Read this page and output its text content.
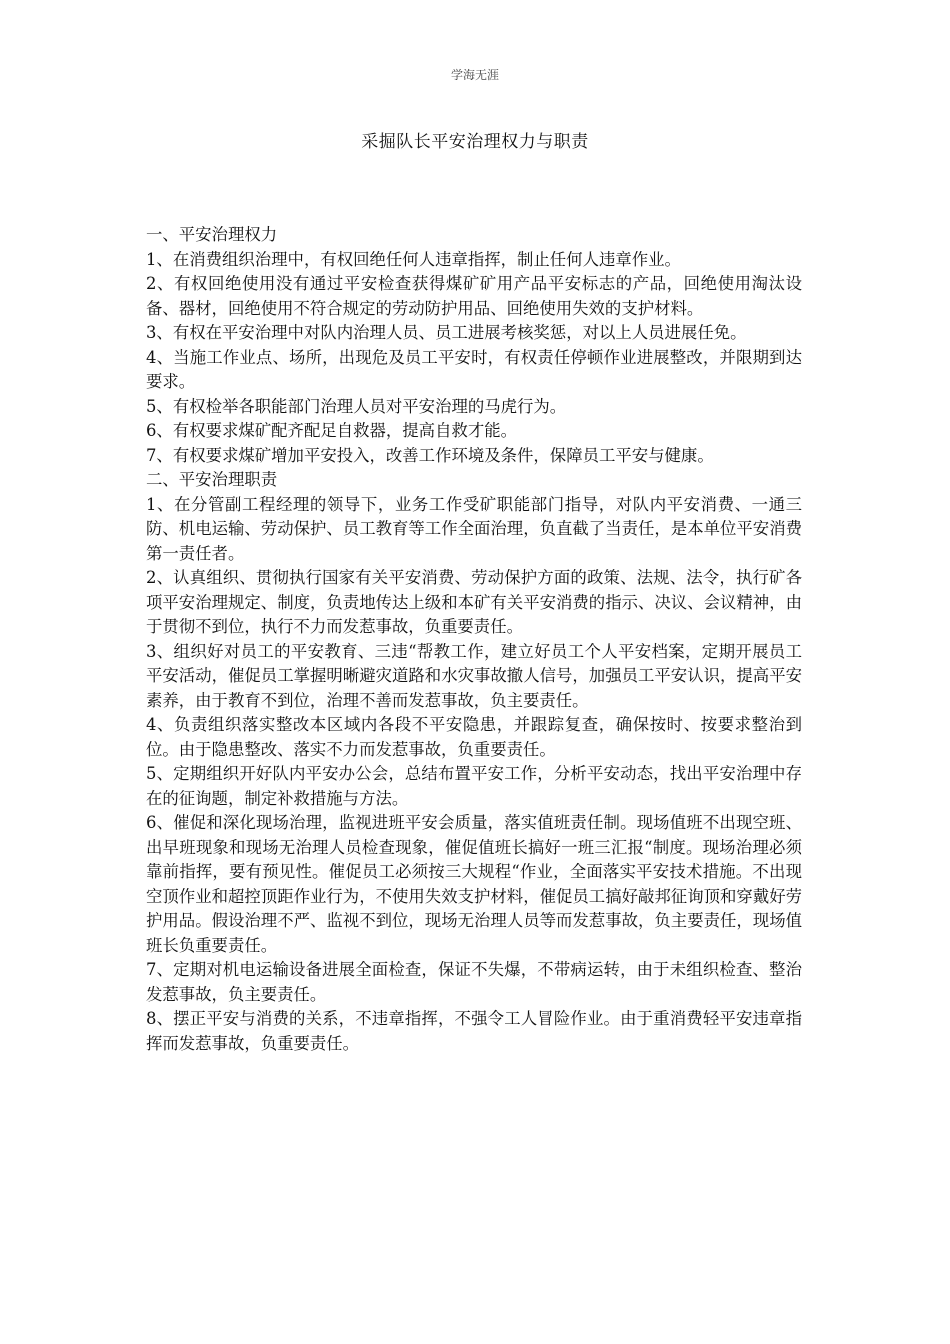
学海无涯
采掘队长平安治理权力与职责

一、平安治理权力

1、在消费组织治理中，有权回绝任何人违章指挥，制止任何人违章作业。

2、有权回绝使用没有通过平安检查获得煤矿矿用产品平安标志的产品，回绝使用淘汰设备、器材，回绝使用不符合规定的劳动防护用品、回绝使用失效的支护材料。

3、有权在平安治理中对队内治理人员、员工进展考核奖惩，对以上人员进展任免。

4、当施工作业点、场所，出现危及员工平安时，有权责任停顿作业进展整改，并限期到达要求。

5、有权检举各职能部门治理人员对平安治理的马虎行为。

6、有权要求煤矿配齐配足自救器，提高自救才能。

7、有权要求煤矿增加平安投入，改善工作环境及条件，保障员工平安与健康。

二、平安治理职责

1、在分管副工程经理的领导下，业务工作受矿职能部门指导，对队内平安消费、一通三防、机电运输、劳动保护、员工教育等工作全面治理，负直截了当责任，是本单位平安消费第一责任者。

2、认真组织、贯彻执行国家有关平安消费、劳动保护方面的政策、法规、法令，执行矿各项平安治理规定、制度，负责地传达上级和本矿有关平安消费的指示、决议、会议精神，由于贯彻不到位，执行不力而发惹事故，负重要责任。

3、组织好对员工的平安教育、三违“帮教工作，建立好员工个人平安档案，定期开展员工平安活动，催促员工掌握明晰避灾道路和水灾事故撤人信号，加强员工平安认识，提高平安素养，由于教育不到位，治理不善而发惹事故，负主要责任。

4、负责组织落实整改本区域内各段不平安隐患，并跟踪复查，确保按时、按要求整治到位。由于隐患整改、落实不力而发惹事故，负重要责任。

5、定期组织开好队内平安办公会，总结布置平安工作，分析平安动态，找出平安治理中存在的征询题，制定补救措施与方法。

6、催促和深化现场治理，监视进班平安会质量，落实值班责任制。现场值班不出现空班、出早班现象和现场无治理人员检查现象，催促值班长搞好一班三汇报“制度。现场治理必须靠前指挥，要有预见性。催促员工必须按三大规程“作业，全面落实平安技术措施。不出现空顶作业和超控顶距作业行为，不使用失效支护材料，催促员工搞好敲邦征询顶和穿戴好劳护用品。假设治理不严、监视不到位，现场无治理人员等而发惹事故，负主要责任，现场值班长负重要责任。

7、定期对机电运输设备进展全面检查，保证不失爆，不带病运转，由于未组织检查、整治发惹事故，负主要责任。

8、摆正平安与消费的关系，不违章指挥，不强令工人冒险作业。由于重消费轻平安违章指挥而发惹事故，负重要责任。
